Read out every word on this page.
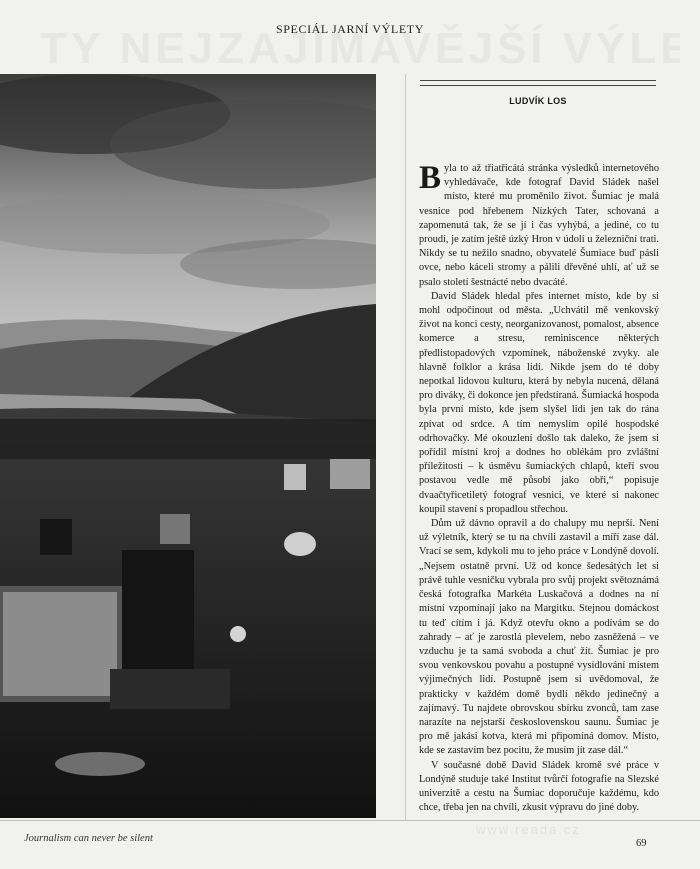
SPECIÁL JARNÍ VÝLETY
LUDVÍK LOS

Byla to až třiatřicátá stránka výsledků internetového vyhledávače, kde fotograf David Sládek našel místo, které mu proměnilo život. Šumiac je malá vesnice pod hřebenem Nízkých Tater, schovaná a zapomenutá tak, že se jí i čas vyhýbá, a jediné, co tu proudí, je zatím ještě úzký Hron v údolí u železniční trati. Nikdy se tu nežilo snadno, obyvatelé Šumiace buď pásli ovce, nebo káceli stromy a pálili dřevěné uhlí, ať už se psalo století šestnácté nebo dvacáté.

David Sládek hledal přes internet místo, kde by si mohl odpočinout od města. „Uchvátil mě venkovský život na konci cesty, neorganizovanost, pomalost, absence komerce a stresu, reminiscence některých předlistopadových vzpomínek, náboženské zvyky. ale hlavně folklor a krása lidí. Nikde jsem do té doby nepotkal lidovou kulturu, která by nebyla nucená, dělaná pro diváky, či dokonce jen předstíraná. Šumiacká hospoda byla první místo, kde jsem slyšel lidi jen tak do rána zpívat od srdce. A tím nemyslím opilé hospodské odrhovačky. Mé okouzlení došlo tak daleko, že jsem si pořídil místní kroj a dodnes ho oblékám pro zvláštní příležitosti – k úsměvu šumiackých chlapů, kteří svou postavou vedle mě působí jako obři,“ popisuje dvaačtyřicetiletý fotograf vesnici, ve které si nakonec koupil stavení s propadlou střechou.

Dům už dávno opravil a do chalupy mu neprší. Není už výletník, který se tu na chvíli zastavil a míří zase dál. Vrací se sem, kdykoli mu to jeho práce v Londýně dovolí. „Nejsem ostatně první. Už od konce šedesátých let si právě tuhle vesničku vybrala pro svůj projekt světoznámá česká fotografka Markéta Luskačová a dodnes na ní místní vzpomínají jako na Margitku. Stejnou domáckost tu teď cítím i já. Když otevřu okno a podívám se do zahrady – ať je zarostlá plevelem, nebo zasněžená – ve vzduchu je ta samá svoboda a chuť žít. Šumiac je pro svou venkovskou povahu a postupné vysídlování místem výjimečných lidí. Postupně jsem si uvědomoval, že prakticky v každém domě bydlí někdo jedinečný a zajímavý. Tu najdete obrovskou sbírku zvonců, tam zase narazíte na nejstarší československou saunu. Šumiac je pro mě jakási kotva, která mi připomíná domov. Místo, kde se zastavím bez pocitu, že musím jít zase dál.“

V současné době David Sládek kromě své práce v Londýně studuje také Institut tvůrčí fotografie na Slezské univerzitě a cestu na Šumiac doporučuje každému, kdo chce, třeba jen na chvíli, zkusit výpravu do jiné doby.

www.reada.cz
Journalism can never be silent	69
